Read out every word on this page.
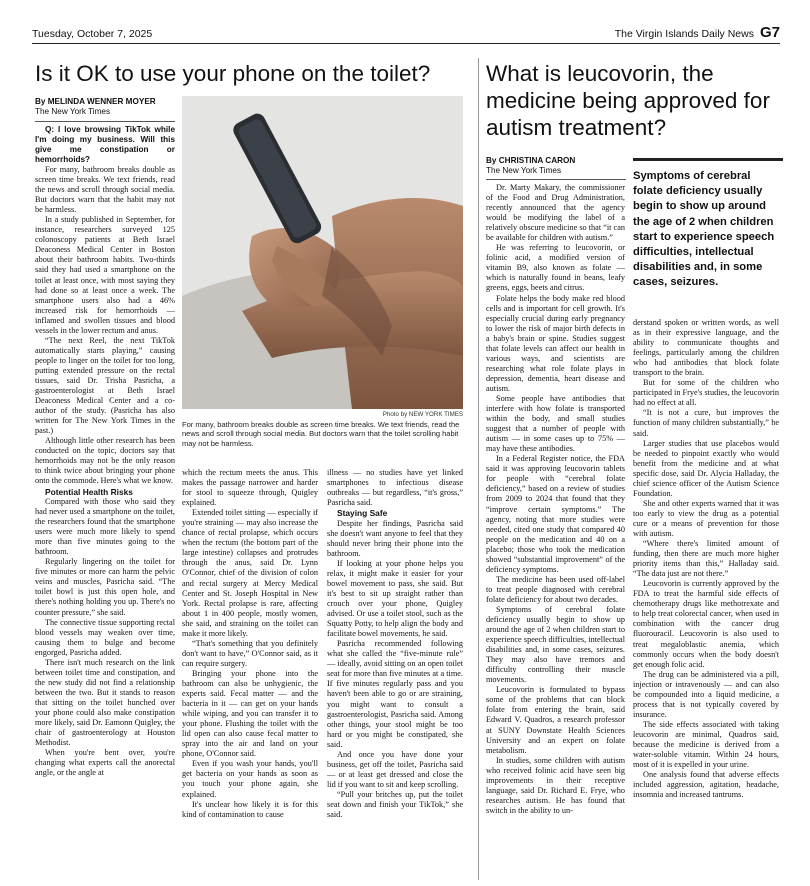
Tuesday, October 7, 2025	The Virgin Islands Daily News G7
Is it OK to use your phone on the toilet?
By MELINDA WENNER MOYER
The New York Times

Q: I love browsing TikTok while I'm doing my business. Will this give me constipation or hemorrhoids?

For many, bathroom breaks double as screen time breaks. We text friends, read the news and scroll through social media. But doctors warn that the habit may not be harmless.

In a study published in September, for instance, researchers surveyed 125 colonoscopy patients at Beth Israel Deaconess Medical Center in Boston about their bathroom habits. Two-thirds said they had used a smartphone on the toilet at least once, with most saying they had done so at least once a week. The smartphone users also had a 46% increased risk for hemorrhoids — inflamed and swollen tissues and blood vessels in the lower rectum and anus.

“The next Reel, the next TikTok automatically starts playing,” causing people to linger on the toilet for too long, putting extended pressure on the rectal tissues, said Dr. Trisha Pasricha, a gastroenterologist at Beth Israel Deaconess Medical Center and a co-author of the study. (Pasricha has also written for The New York Times in the past.)

Although little other research has been conducted on the topic, doctors say that hemorrhoids may not be the only reason to think twice about bringing your phone onto the commode. Here's what we know.

Potential Health Risks

Compared with those who said they had never used a smartphone on the toilet, the researchers found that the smartphone users were much more likely to spend more than five minutes going to the bathroom.

Regularly lingering on the toilet for five minutes or more can harm the pelvic veins and muscles, Pasricha said. “The toilet bowl is just this open hole, and there's nothing holding you up. There's no counter pressure,” she said.

The connective tissue supporting rectal blood vessels may weaken over time, causing them to bulge and become engorged, Pasricha added.

There isn't much research on the link between toilet time and constipation, and the new study did not find a relationship between the two. But it stands to reason that sitting on the toilet hunched over your phone could also make constipation more likely, said Dr. Eamonn Quigley, the chair of gastroenterology at Houston Methodist.

When you're bent over, you're changing what experts call the anorectal angle, or the angle at

Photo by NEW YORK TIMES
For many, bathroom breaks double as screen time breaks. We text friends, read the news and scroll through social media. But doctors warn that the toilet scrolling habit may not be harmless.

which the rectum meets the anus. This makes the passage narrower and harder for stool to squeeze through, Quigley explained.

Extended toilet sitting — especially if you're straining — may also increase the chance of rectal prolapse, which occurs when the rectum (the bottom part of the large intestine) collapses and protrudes through the anus, said Dr. Lynn O'Connor, chief of the division of colon and rectal surgery at Mercy Medical Center and St. Joseph Hospital in New York. Rectal prolapse is rare, affecting about 1 in 400 people, mostly women, she said, and straining on the toilet can make it more likely.

“That's something that you definitely don't want to have,” O'Connor said, as it can require surgery.

Bringing your phone into the bathroom can also be unhygienic, the experts said. Fecal matter — and the bacteria in it — can get on your hands while wiping, and you can transfer it to your phone. Flushing the toilet with the lid open can also cause fecal matter to spray into the air and land on your phone, O'Connor said.

Even if you wash your hands, you'll get bacteria on your hands as soon as you touch your phone again, she explained.

It's unclear how likely it is for this kind of contamination to cause

illness — no studies have yet linked smartphones to infectious disease outbreaks — but regardless, “it's gross,” Pasricha said.

Staying Safe

Despite her findings, Pasricha said she doesn't want anyone to feel that they should never bring their phone into the bathroom.

If looking at your phone helps you relax, it might make it easier for your bowel movement to pass, she said. But it's best to sit up straight rather than crouch over your phone, Quigley advised. Or use a toilet stool, such as the Squatty Potty, to help align the body and facilitate bowel movements, he said.

Pasricha recommended following what she called the “five-minute rule” — ideally, avoid sitting on an open toilet seat for more than five minutes at a time. If five minutes regularly pass and you haven't been able to go or are straining, you might want to consult a gastroenterologist, Pasricha said. Among other things, your stool might be too hard or you might be constipated, she said.

And once you have done your business, get off the toilet, Pasricha said — or at least get dressed and close the lid if you want to sit and keep scrolling.

“Pull your britches up, put the toilet seat down and finish your TikTok,” she said.

What is leucovorin, the medicine being approved for autism treatment?
By CHRISTINA CARON
The New York Times	Symptoms of cerebral folate deficiency usually begin to show up around the age of 2 when children start to experience speech difficulties, intellectual disabilities and, in some cases, seizures.

Dr. Marty Makary, the commissioner of the Food and Drug Administration, recently announced that the agency would be modifying the label of a relatively obscure medicine so that “it can be available for children with autism.”

He was referring to leucovorin, or folinic acid, a modified version of vitamin B9, also known as folate — which is naturally found in beans, leafy greens, eggs, beets and citrus.

Folate helps the body make red blood cells and is important for cell growth. It's especially crucial during early pregnancy to lower the risk of major birth defects in a baby's brain or spine. Studies suggest that folate levels can affect our health in various ways, and scientists are researching what role folate plays in depression, dementia, heart disease and autism.

Some people have antibodies that interfere with how folate is transported within the body, and small studies suggest that a number of people with autism — in some cases up to 75% — may have these antibodies.

In a Federal Register notice, the FDA said it was approving leucovorin tablets for people with “cerebral folate deficiency,” based on a review of studies from 2009 to 2024 that found that they “improve certain symptoms.” The agency, noting that more studies were needed, cited one study that compared 40 people on the medication and 40 on a placebo; those who took the medication showed “substantial improvement” of the deficiency symptoms.

The medicine has been used off-label to treat people diagnosed with cerebral folate deficiency for about two decades.

Symptoms of cerebral folate deficiency usually begin to show up around the age of 2 when children start to experience speech difficulties, intellectual disabilities and, in some cases, seizures. They may also have tremors and difficulty controlling their muscle movements.

Leucovorin is formulated to bypass some of the problems that can block folate from entering the brain, said Edward V. Quadros, a research professor at SUNY Downstate Health Sciences University and an expert on folate metabolism.

In studies, some children with autism who received folinic acid have seen big improvements in their receptive language, said Dr. Richard E. Frye, who researches autism. He has found that switch in the ability to un-

derstand spoken or written words, as well as in their expressive language, and the ability to communicate thoughts and feelings, particularly among the children who had antibodies that block folate transport to the brain.

But for some of the children who participated in Frye's studies, the leucovorin had no effect at all.

“It is not a cure, but improves the function of many children substantially,” he said.

Larger studies that use placebos would be needed to pinpoint exactly who would benefit from the medicine and at what specific dose, said Dr. Alycia Halladay, the chief science officer of the Autism Science Foundation.

She and other experts warned that it was too early to view the drug as a potential cure or a means of prevention for those with autism.

“Where there's limited amount of funding, then there are much more higher priority items than this,” Halladay said. “The data just are not there.”

Leucovorin is currently approved by the FDA to treat the harmful side effects of chemotherapy drugs like methotrexate and to help treat colorectal cancer, when used in combination with the cancer drug fluorouracil. Leucovorin is also used to treat megaloblastic anemia, which commonly occurs when the body doesn't get enough folic acid.

The drug can be administered via a pill, injection or intravenously — and can also be compounded into a liquid medicine, a process that is not typically covered by insurance.

The side effects associated with taking leucovorin are minimal, Quadros said, because the medicine is derived from a water-soluble vitamin. Within 24 hours, most of it is expelled in your urine.

One analysis found that adverse effects included aggression, agitation, headache, insomnia and increased tantrums.
